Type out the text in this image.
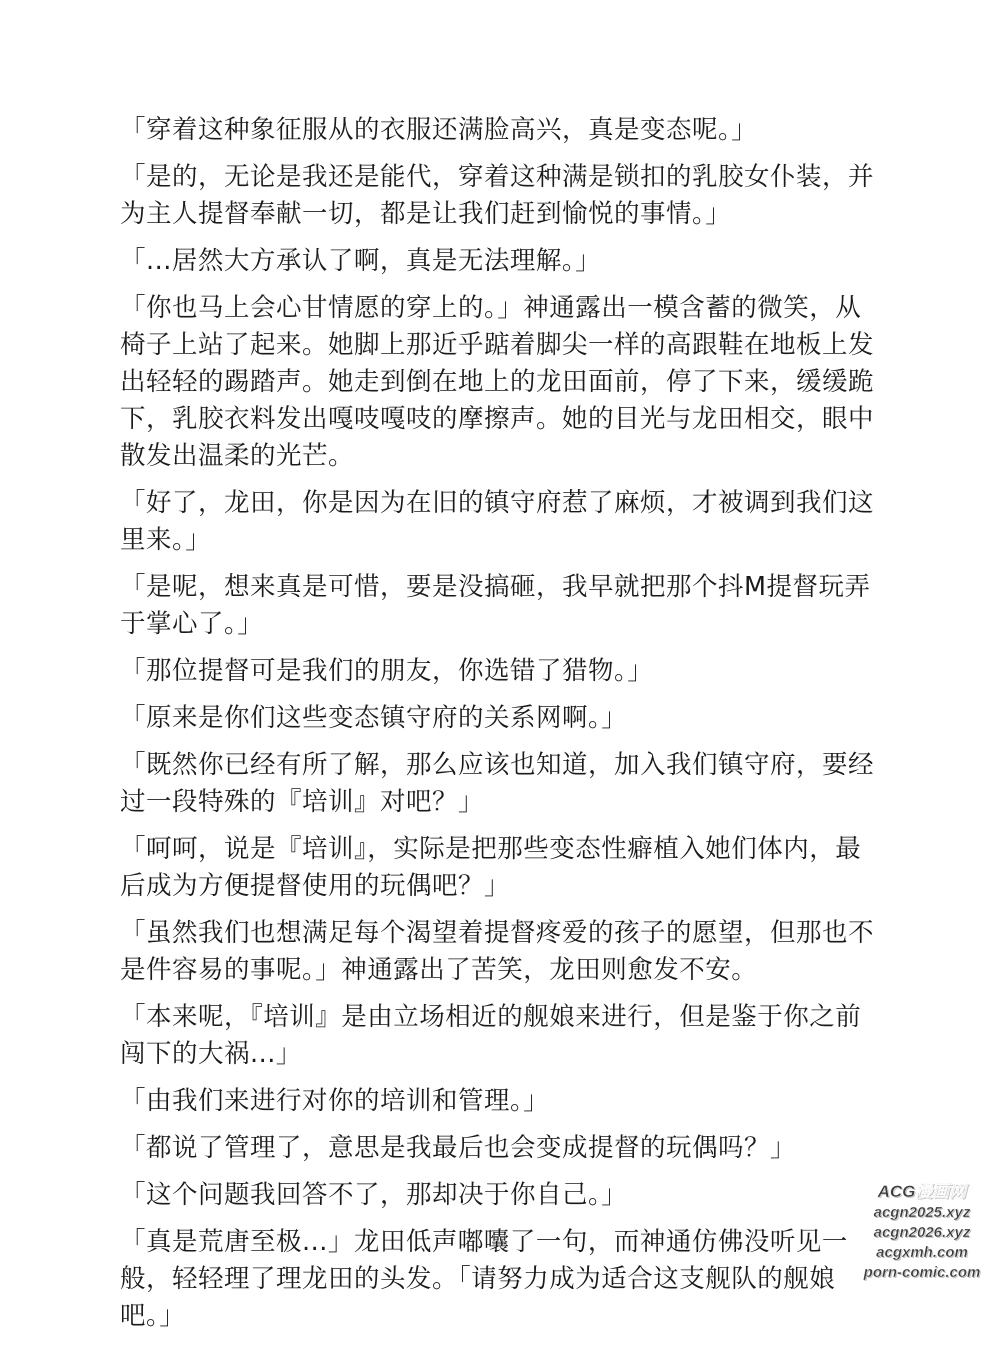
「穿着这种象征服从的衣服还满脸高兴，真是变态呢。」

「是的，无论是我还是能代，穿着这种满是锁扣的乳胶女仆装，并为主人提督奉献一切，都是让我们赶到愉悦的事情。」

「...居然大方承认了啊，真是无法理解。」

「你也马上会心甘情愿的穿上的。」神通露出一模含蓄的微笑，从椅子上站了起来。她脚上那近乎踮着脚尖一样的高跟鞋在地板上发出轻轻的踢踏声。她走到倒在地上的龙田面前，停了下来，缓缓跪下，乳胶衣料发出嘎吱嘎吱的摩擦声。她的目光与龙田相交，眼中散发出温柔的光芒。

「好了，龙田，你是因为在旧的镇守府惹了麻烦，才被调到我们这里来。」

「是呢，想来真是可惜，要是没搞砸，我早就把那个抖M提督玩弄于掌心了。」

「那位提督可是我们的朋友，你选错了猎物。」

「原来是你们这些变态镇守府的关系网啊。」

「既然你已经有所了解，那么应该也知道，加入我们镇守府，要经过一段特殊的『培训』对吧？」

「呵呵，说是『培训』，实际是把那些变态性癖植入她们体内，最后成为方便提督使用的玩偶吧？」

「虽然我们也想满足每个渴望着提督疼爱的孩子的愿望，但那也不是件容易的事呢。」神通露出了苦笑，龙田则愈发不安。

「本来呢，『培训』是由立场相近的舰娘来进行，但是鉴于你之前闯下的大祸...」

「由我们来进行对你的培训和管理。」

「都说了管理了，意思是我最后也会变成提督的玩偶吗？」

「这个问题我回答不了，那却决于你自己。」

「真是荒唐至极...」龙田低声嘟囔了一句，而神通仿佛没听见一般，轻轻理了理龙田的头发。「请努力成为适合这支舰队的舰娘吧。」

ACG漫画网
acgn2025.xyz
acgn2026.xyz
acgxmh.com
porn-comic.com
